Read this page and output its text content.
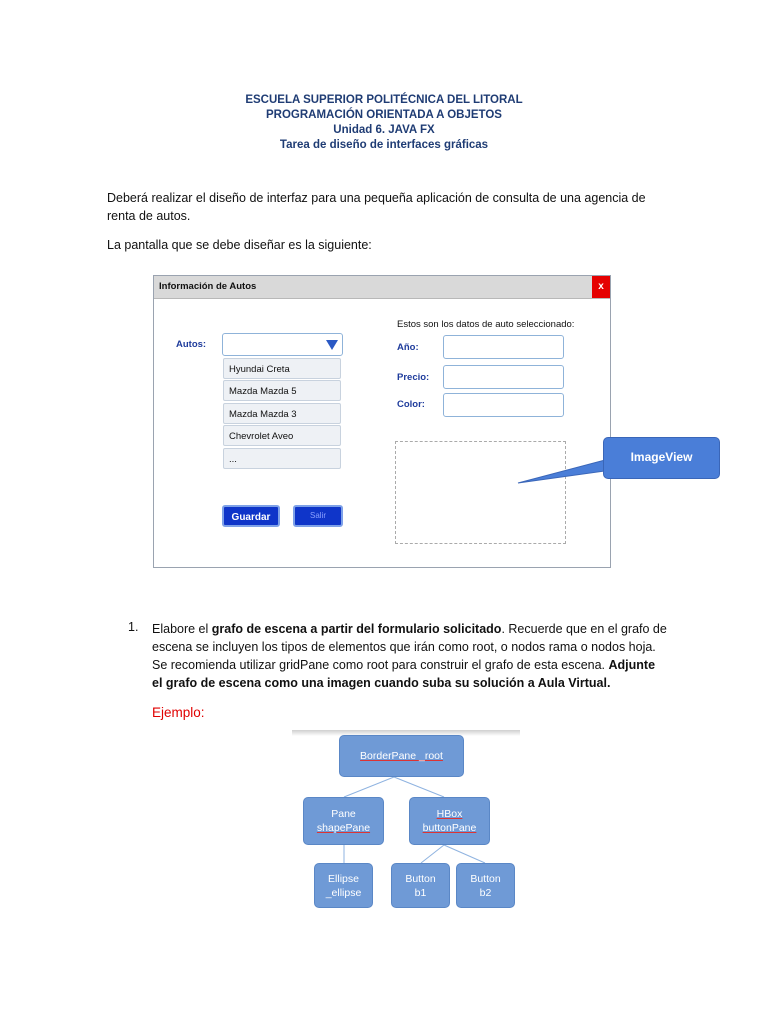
ESCUELA SUPERIOR POLITÉCNICA DEL LITORAL
PROGRAMACIÓN ORIENTADA A OBJETOS
Unidad 6. JAVA FX
Tarea de diseño de interfaces gráficas
Deberá realizar el diseño de interfaz para una pequeña aplicación de consulta de una agencia de renta de autos.
La pantalla que se debe diseñar es la siguiente:
Información de Autos	x
Autos:
Hyundai Creta
Mazda Mazda 5
Mazda Mazda 3
Chevrolet Aveo
...
Estos son los datos de auto seleccionado:
Año:
Precio:
Color:
Guardar	Salir
ImageView
1. Elabore el grafo de escena a partir del formulario solicitado. Recuerde que en el grafo de escena se incluyen los tipos de elementos que irán como root, o nodos rama o nodos hoja. Se recomienda utilizar gridPane como root para construir el grafo de esta escena. Adjunte el grafo de escena como una imagen cuando suba su solución a Aula Virtual.
Ejemplo:
BorderPane _root
Pane
shapePane
HBox
buttonPane
Ellipse
_ellipse
Button
b1
Button
b2
